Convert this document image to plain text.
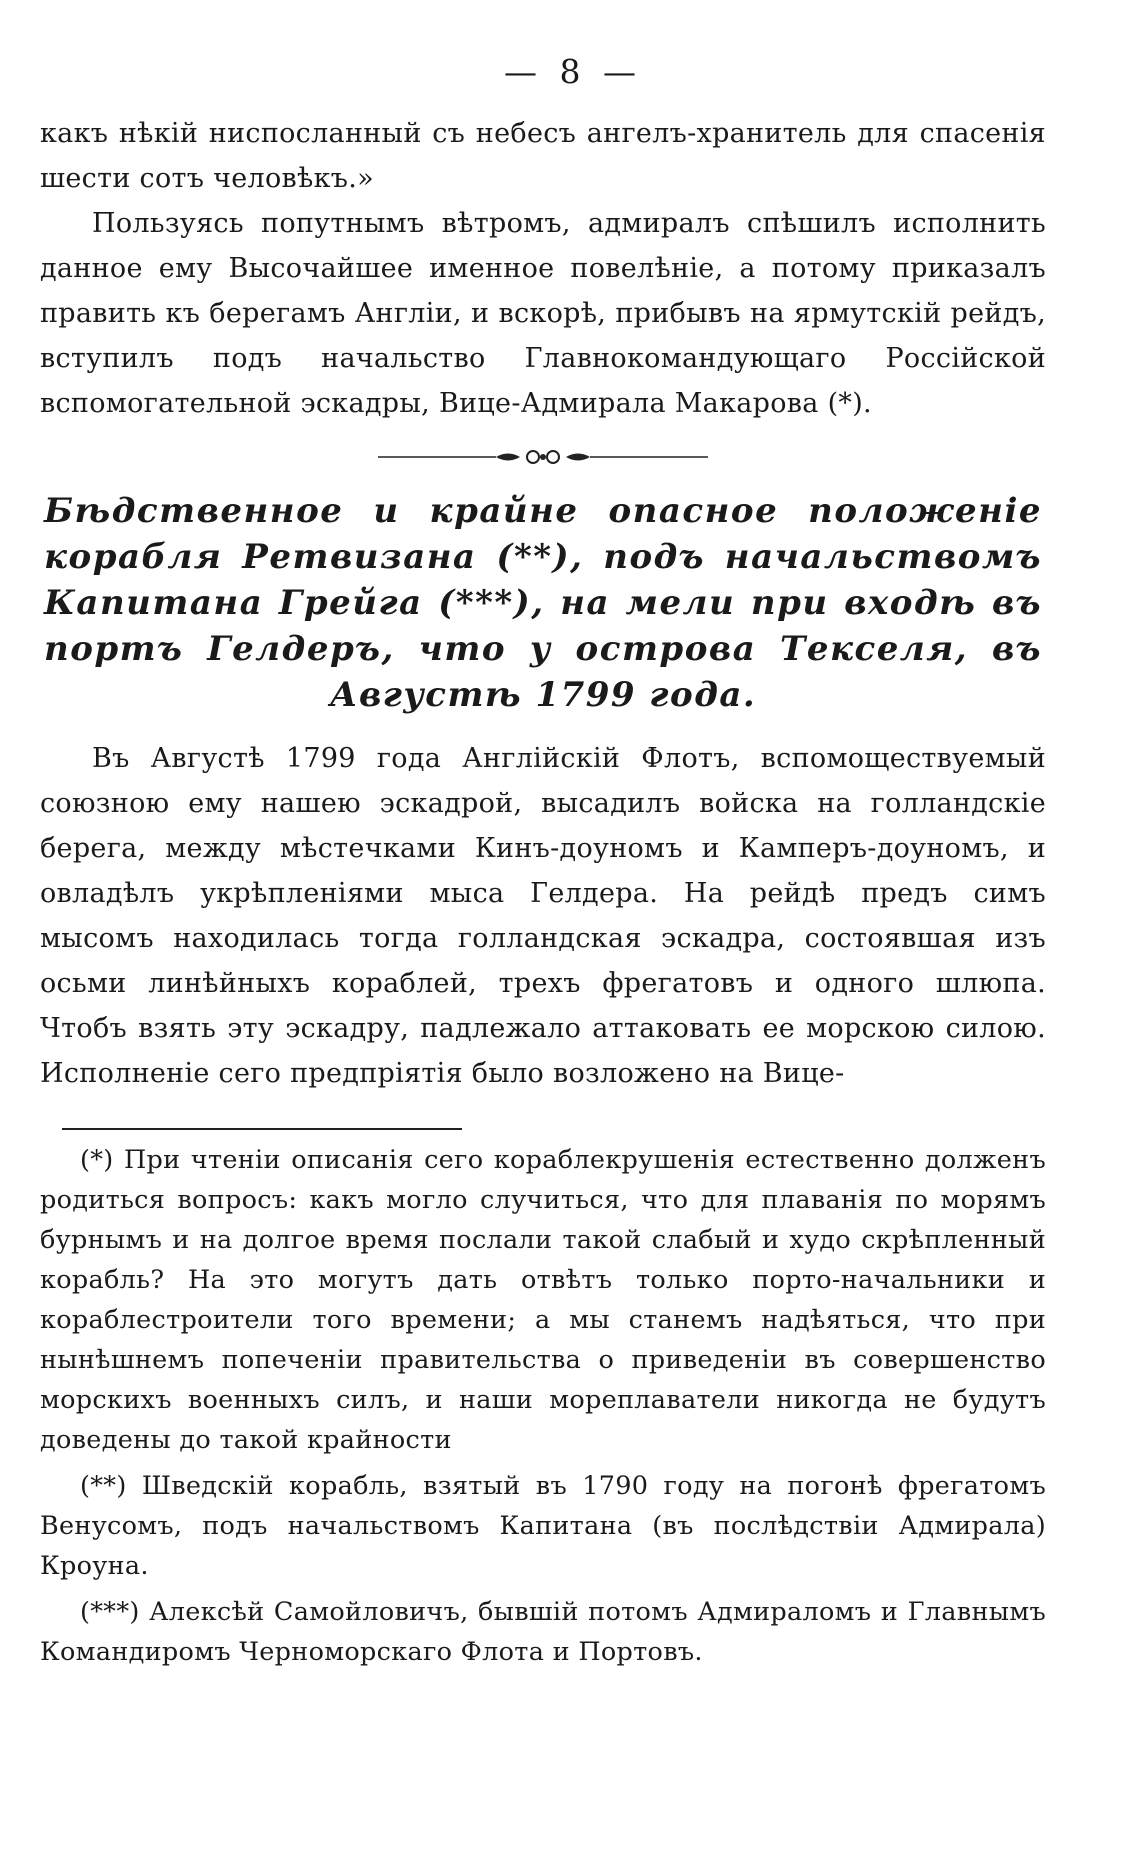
— 8 —

какъ нѣкій ниспосланный съ небесъ ангелъ-хранитель для спасенія шести сотъ человѣкъ.»

Пользуясь попутнымъ вѣтромъ, адмиралъ спѣшилъ исполнить данное ему Высочайшее именное повелѣніе, а потому приказалъ править къ берегамъ Англіи, и вскорѣ, прибывъ на ярмутскій рейдъ, вступилъ подъ начальство Главнокомандующаго Россійской вспомогательной эскадры, Вице-Адмирала Макарова (*).

Бѣдственное и крайне опасное положеніе корабля Ретвизана (**), подъ начальствомъ Капитана Грейга (***), на мели при входѣ въ портъ Гелдеръ, что у острова Текселя, въ Августѣ 1799 года.

Въ Августѣ 1799 года Англійскій Флотъ, вспомоществуемый союзною ему нашею эскадрой, высадилъ войска на голландскіе берега, между мѣстечками Кинъ-доуномъ и Камперъ-доуномъ, и овладѣлъ укрѣпленіями мыса Гелдера. На рейдѣ предъ симъ мысомъ находилась тогда голландская эскадра, состоявшая изъ осьми линѣйныхъ кораблей, трехъ фрегатовъ и одного шлюпа. Чтобъ взять эту эскадру, падлежало аттаковать ее морскою силою. Исполненіе сего предпріятія было возложено на Вице-

(*) При чтеніи описанія сего кораблекрушенія естественно долженъ родиться вопросъ: какъ могло случиться, что для плаванія по морямъ бурнымъ и на долгое время послали такой слабый и худо скрѣпленный корабль? На это могутъ дать отвѣтъ только порто-начальники и кораблестроители того времени; а мы станемъ надѣяться, что при нынѣшнемъ попеченіи правительства о приведеніи въ совершенство морскихъ военныхъ силъ, и наши мореплаватели никогда не будутъ доведены до такой крайности

(**) Шведскій корабль, взятый въ 1790 году на погонѣ фрегатомъ Венусомъ, подъ начальствомъ Капитана (въ послѣдствіи Адмирала) Кроуна.

(***) Алексѣй Самойловичъ, бывшій потомъ Адмираломъ и Главнымъ Командиромъ Черноморскаго Флота и Портовъ.
